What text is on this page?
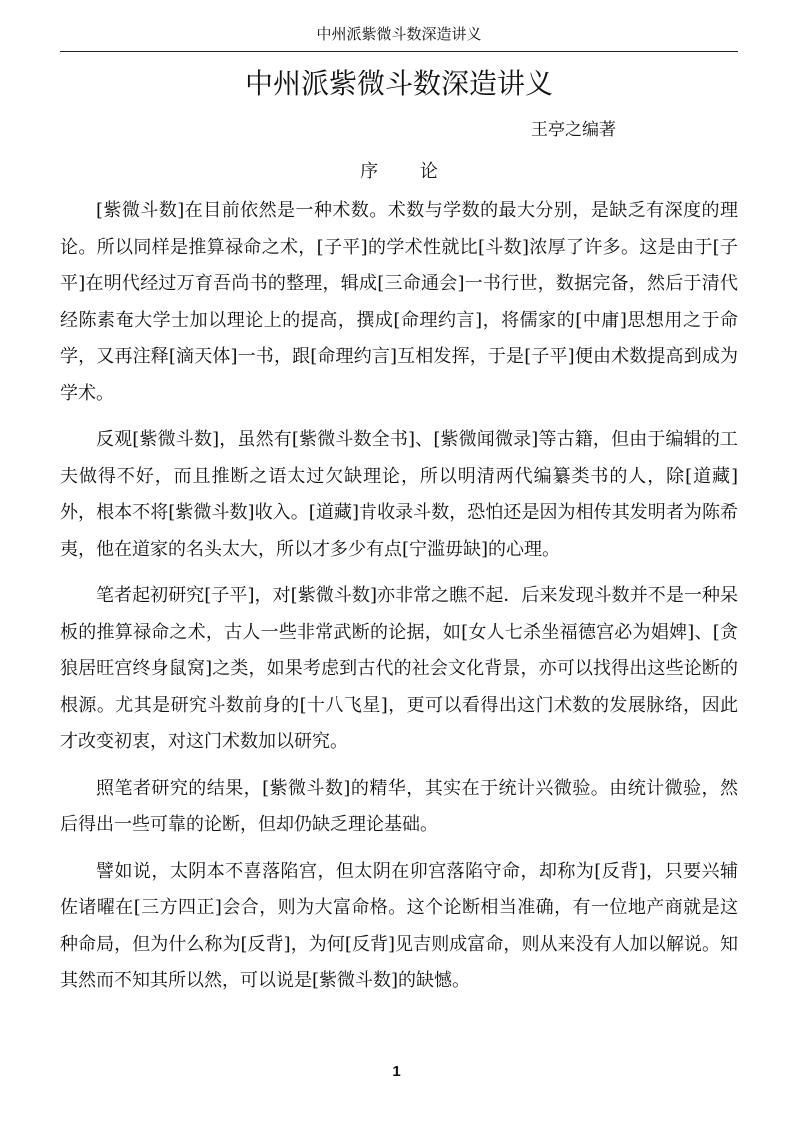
中州派紫微斗数深造讲义
中州派紫微斗数深造讲义
王亭之编著
序 论

[紫微斗数]在目前依然是一种术数。术数与学数的最大分别，是缺乏有深度的理论。所以同样是推算禄命之术，[子平]的学术性就比[斗数]浓厚了许多。这是由于[子平]在明代经过万育吾尚书的整理，辑成[三命通会]一书行世，数据完备，然后于清代经陈素奄大学士加以理论上的提高，撰成[命理约言]，将儒家的[中庸]思想用之于命学，又再注释[滴天体]一书，跟[命理约言]互相发挥，于是[子平]便由术数提高到成为学术。

反观[紫微斗数]，虽然有[紫微斗数全书]、[紫微闻微录]等古籍，但由于编辑的工夫做得不好，而且推断之语太过欠缺理论，所以明清两代编纂类书的人，除[道藏]外，根本不将[紫微斗数]收入。[道藏]肯收录斗数，恐怕还是因为相传其发明者为陈希夷，他在道家的名头太大，所以才多少有点[宁滥毋缺]的心理。

笔者起初研究[子平]，对[紫微斗数]亦非常之瞧不起．后来发现斗数并不是一种呆板的推算禄命之术，古人一些非常武断的论据，如[女人七杀坐福德宫必为娼婢]、[贪狼居旺宫终身鼠窝]之类，如果考虑到古代的社会文化背景，亦可以找得出这些论断的根源。尤其是研究斗数前身的[十八飞星]，更可以看得出这门术数的发展脉络，因此才改变初衷，对这门术数加以研究。

照笔者研究的结果，[紫微斗数]的精华，其实在于统计兴微验。由统计微验，然后得出一些可靠的论断，但却仍缺乏理论基础。

譬如说，太阴本不喜落陷宫，但太阴在卯宫落陷守命，却称为[反背]，只要兴辅佐诸曜在[三方四正]会合，则为大富命格。这个论断相当准确，有一位地产商就是这种命局，但为什么称为[反背]，为何[反背]见吉则成富命，则从来没有人加以解说。知其然而不知其所以然，可以说是[紫微斗数]的缺憾。

1
